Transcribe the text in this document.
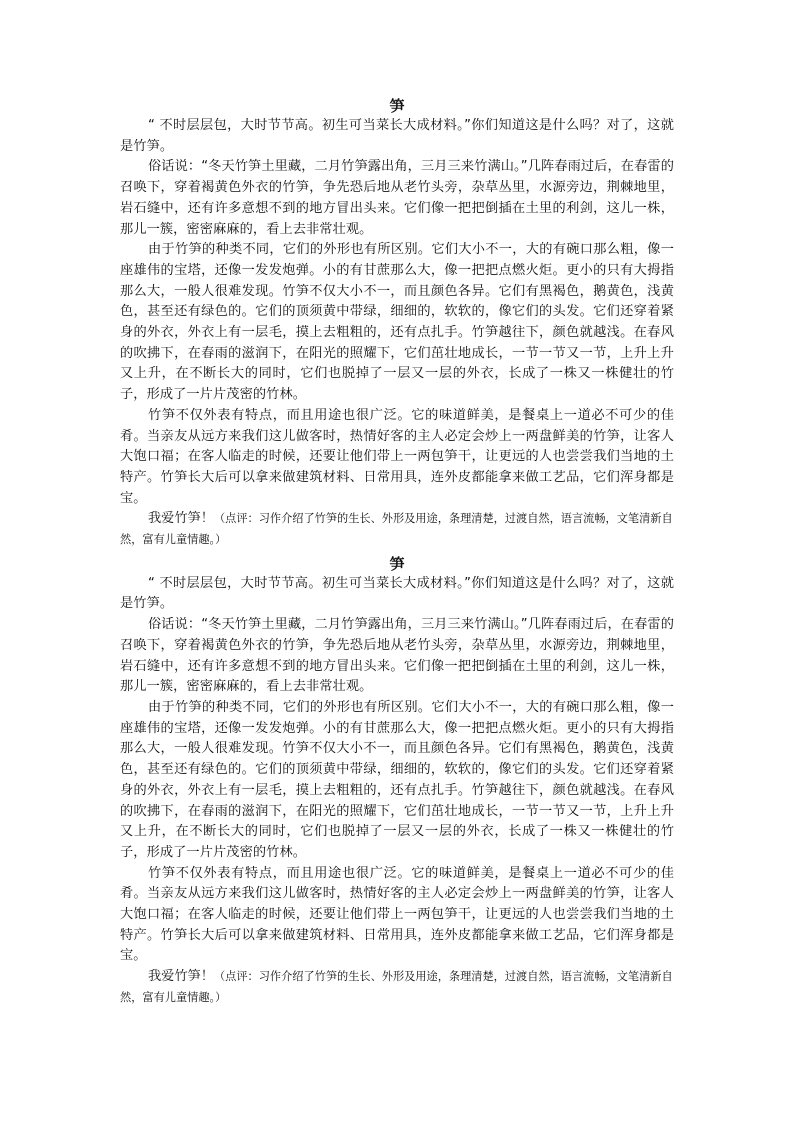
笋

“ 不时层层包，大时节节高。初生可当菜长大成材料。”你们知道这是什么吗？对了，这就是竹笋。

俗话说：“冬天竹笋土里藏，二月竹笋露出角，三月三来竹满山。”几阵春雨过后，在春雷的召唤下，穿着褐黄色外衣的竹笋，争先恐后地从老竹头旁，杂草丛里，水源旁边，荆棘地里，岩石缝中，还有许多意想不到的地方冒出头来。它们像一把把倒插在土里的利剑，这儿一株，那儿一簇，密密麻麻的，看上去非常壮观。

由于竹笋的种类不同，它们的外形也有所区别。它们大小不一，大的有碗口那么粗，像一座雄伟的宝塔，还像一发发炮弹。小的有甘蔗那么大，像一把把点燃火炬。更小的只有大拇指那么大，一般人很难发现。竹笋不仅大小不一，而且颜色各异。它们有黑褐色，鹅黄色，浅黄色，甚至还有绿色的。它们的顶须黄中带绿，细细的，软软的，像它们的头发。它们还穿着紧身的外衣，外衣上有一层毛，摸上去粗粗的，还有点扎手。竹笋越往下，颜色就越浅。在春风的吹拂下，在春雨的滋润下，在阳光的照耀下，它们茁壮地成长，一节一节又一节，上升上升又上升，在不断长大的同时，它们也脱掉了一层又一层的外衣，长成了一株又一株健壮的竹子，形成了一片片茂密的竹林。

竹笋不仅外表有特点，而且用途也很广泛。它的味道鲜美，是餐桌上一道必不可少的佳肴。当亲友从远方来我们这儿做客时，热情好客的主人必定会炒上一两盘鲜美的竹笋，让客人大饱口福；在客人临走的时候，还要让他们带上一两包笋干，让更远的人也尝尝我们当地的土特产。竹笋长大后可以拿来做建筑材料、日常用具，连外皮都能拿来做工艺品，它们浑身都是宝。

我爱竹笋！（点评：习作介绍了竹笋的生长、外形及用途，条理清楚，过渡自然，语言流畅，文笔清新自然，富有儿童情趣。）

笋

“ 不时层层包，大时节节高。初生可当菜长大成材料。”你们知道这是什么吗？对了，这就是竹笋。

俗话说：“冬天竹笋土里藏，二月竹笋露出角，三月三来竹满山。”几阵春雨过后，在春雷的召唤下，穿着褐黄色外衣的竹笋，争先恐后地从老竹头旁，杂草丛里，水源旁边，荆棘地里，岩石缝中，还有许多意想不到的地方冒出头来。它们像一把把倒插在土里的利剑，这儿一株，那儿一簇，密密麻麻的，看上去非常壮观。

由于竹笋的种类不同，它们的外形也有所区别。它们大小不一，大的有碗口那么粗，像一座雄伟的宝塔，还像一发发炮弹。小的有甘蔗那么大，像一把把点燃火炬。更小的只有大拇指那么大，一般人很难发现。竹笋不仅大小不一，而且颜色各异。它们有黑褐色，鹅黄色，浅黄色，甚至还有绿色的。它们的顶须黄中带绿，细细的，软软的，像它们的头发。它们还穿着紧身的外衣，外衣上有一层毛，摸上去粗粗的，还有点扎手。竹笋越往下，颜色就越浅。在春风的吹拂下，在春雨的滋润下，在阳光的照耀下，它们茁壮地成长，一节一节又一节，上升上升又上升，在不断长大的同时，它们也脱掉了一层又一层的外衣，长成了一株又一株健壮的竹子，形成了一片片茂密的竹林。

竹笋不仅外表有特点，而且用途也很广泛。它的味道鲜美，是餐桌上一道必不可少的佳肴。当亲友从远方来我们这儿做客时，热情好客的主人必定会炒上一两盘鲜美的竹笋，让客人大饱口福；在客人临走的时候，还要让他们带上一两包笋干，让更远的人也尝尝我们当地的土特产。竹笋长大后可以拿来做建筑材料、日常用具，连外皮都能拿来做工艺品，它们浑身都是宝。

我爱竹笋！（点评：习作介绍了竹笋的生长、外形及用途，条理清楚，过渡自然，语言流畅，文笔清新自然，富有儿童情趣。）
